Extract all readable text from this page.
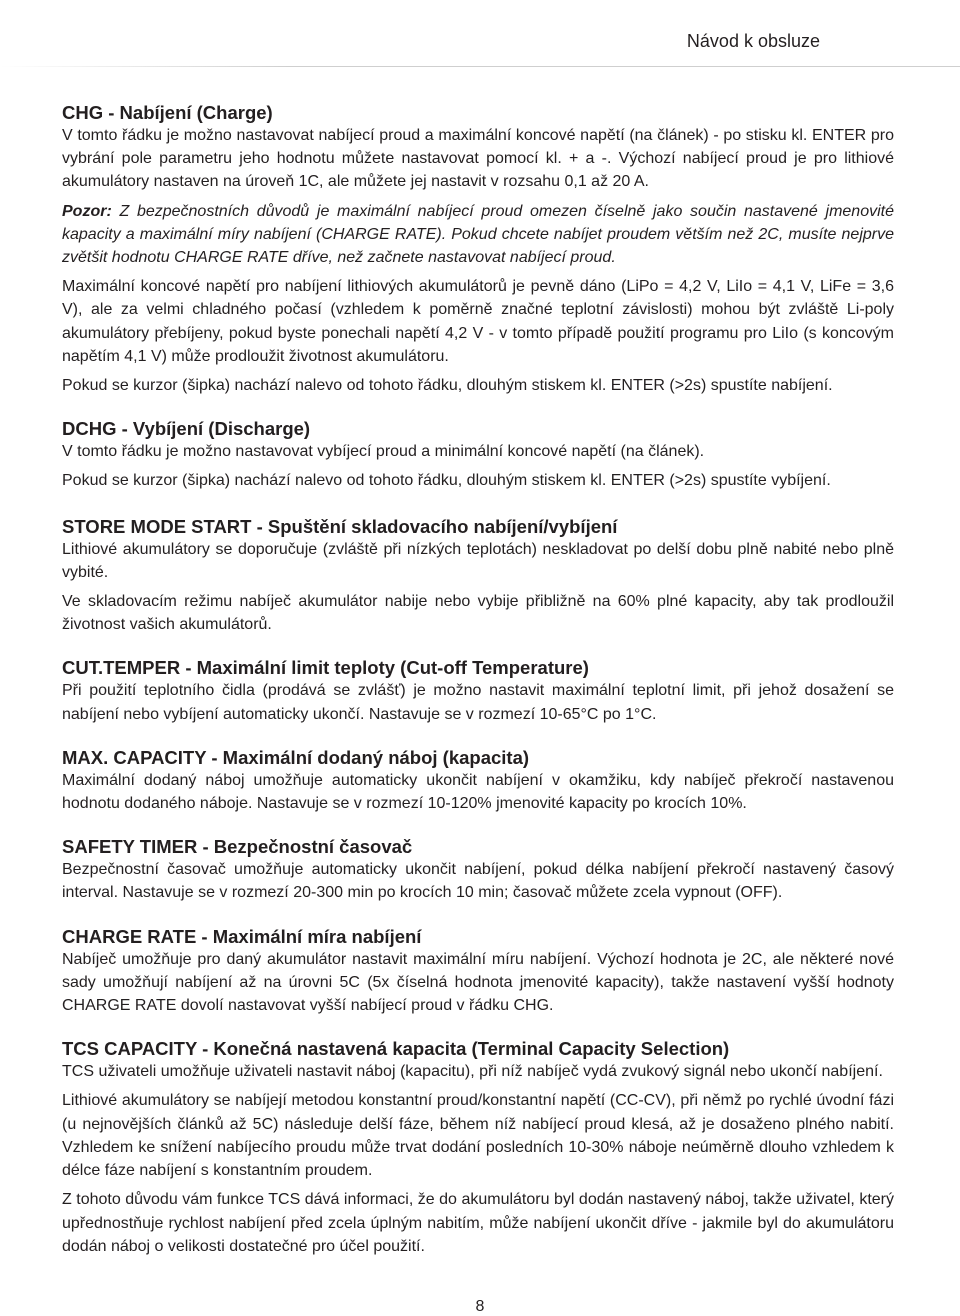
Návod k obsluze
CHG - Nabíjení (Charge)

V tomto řádku je možno nastavovat nabíjecí proud a maximální koncové napětí (na článek) - po stisku kl. ENTER pro vybrání pole parametru jeho hodnotu můžete nastavovat pomocí kl. + a -. Výchozí nabíjecí proud je pro lithiové akumulátory nastaven na úroveň 1C, ale můžete jej nastavit v rozsahu 0,1 až 20 A.

Pozor: Z bezpečnostních důvodů je maximální nabíjecí proud omezen číselně jako součin nastavené jmenovité kapacity a maximální míry nabíjení (CHARGE RATE). Pokud chcete nabíjet proudem větším než 2C, musíte nejprve zvětšit hodnotu CHARGE RATE dříve, než začnete nastavovat nabíjecí proud.

Maximální koncové napětí pro nabíjení lithiových akumulátorů je pevně dáno (LiPo = 4,2 V, LiIo = 4,1 V, LiFe = 3,6 V), ale za velmi chladného počasí (vzhledem k poměrně značné teplotní závislosti) mohou být zvláště Li-poly akumulátory přebíjeny, pokud byste ponechali napětí 4,2 V - v tomto případě použití programu pro LiIo (s koncovým napětím 4,1 V) může prodloužit životnost akumulátoru.

Pokud se kurzor (šipka) nachází nalevo od tohoto řádku, dlouhým stiskem kl. ENTER (>2s) spustíte nabíjení.

DCHG - Vybíjení (Discharge)

V tomto řádku je možno nastavovat vybíjecí proud a minimální koncové napětí (na článek).

Pokud se kurzor (šipka) nachází nalevo od tohoto řádku, dlouhým stiskem kl. ENTER (>2s) spustíte vybíjení.

STORE MODE START - Spuštění skladovacího nabíjení/vybíjení

Lithiové akumulátory se doporučuje (zvláště při nízkých teplotách) neskladovat po delší dobu plně nabité nebo plně vybité.

Ve skladovacím režimu nabíječ akumulátor nabije nebo vybije přibližně na 60% plné kapacity, aby tak prodloužil životnost vašich akumulátorů.

CUT.TEMPER - Maximální limit teploty (Cut-off Temperature)

Při použití teplotního čidla (prodává se zvlášť) je možno nastavit maximální teplotní limit, při jehož dosažení se nabíjení nebo vybíjení automaticky ukončí. Nastavuje se v rozmezí 10-65°C po 1°C.

MAX. CAPACITY - Maximální dodaný náboj (kapacita)

Maximální dodaný náboj umožňuje automaticky ukončit nabíjení v okamžiku, kdy nabíječ překročí nastavenou hodnotu dodaného náboje. Nastavuje se v rozmezí 10-120% jmenovité kapacity po krocích 10%.

SAFETY TIMER - Bezpečnostní časovač

Bezpečnostní časovač umožňuje automaticky ukončit nabíjení, pokud délka nabíjení překročí nastavený časový interval. Nastavuje se v rozmezí 20-300 min po krocích 10 min; časovač můžete zcela vypnout (OFF).

CHARGE RATE - Maximální míra nabíjení

Nabíječ umožňuje pro daný akumulátor nastavit maximální míru nabíjení. Výchozí hodnota je 2C, ale některé nové sady umožňují nabíjení až na úrovni 5C (5x číselná hodnota jmenovité kapacity), takže nastavení vyšší hodnoty CHARGE RATE dovolí nastavovat vyšší nabíjecí proud v řádku CHG.

TCS CAPACITY - Konečná nastavená kapacita (Terminal Capacity Selection)

TCS uživateli umožňuje uživateli nastavit náboj (kapacitu), při níž nabíječ vydá zvukový signál nebo ukončí nabíjení.

Lithiové akumulátory se nabíjejí metodou konstantní proud/konstantní napětí (CC-CV), při němž po rychlé úvodní fázi (u nejnovějších článků až 5C) následuje delší fáze, během níž nabíjecí proud klesá, až je dosaženo plného nabití. Vzhledem ke snížení nabíjecího proudu může trvat dodání posledních 10-30% náboje neúměrně dlouho vzhledem k délce fáze nabíjení s konstantním proudem.

Z tohoto důvodu vám funkce TCS dává informaci, že do akumulátoru byl dodán nastavený náboj, takže uživatel, který upřednostňuje rychlost nabíjení před zcela úplným nabitím, může nabíjení ukončit dříve - jakmile byl do akumulátoru dodán náboj o velikosti dostatečné pro účel použití.

8
